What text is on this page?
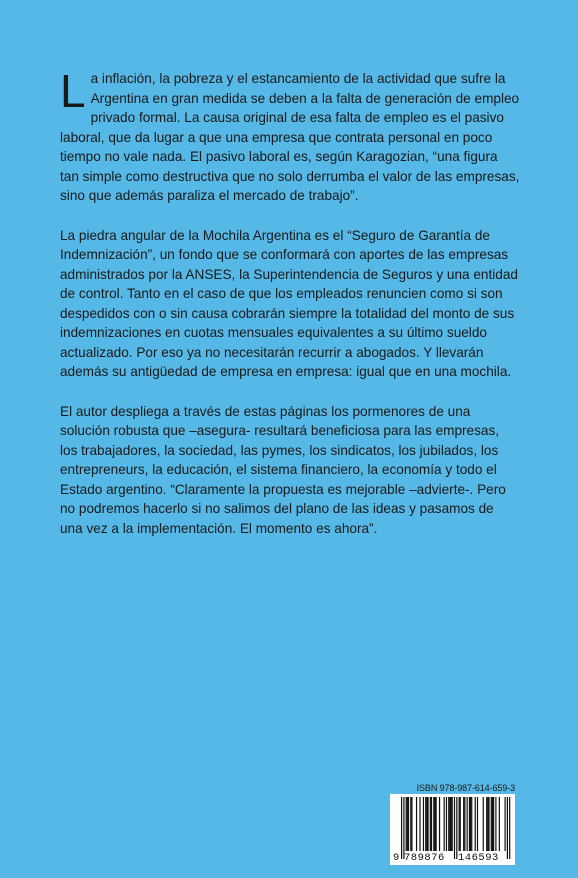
La inflación, la pobreza y el estancamiento de la actividad que sufre la Argentina en gran medida se deben a la falta de generación de empleo privado formal. La causa original de esa falta de empleo es el pasivo laboral, que da lugar a que una empresa que contrata personal en poco tiempo no vale nada. El pasivo laboral es, según Karagozian, “una figura tan simple como destructiva que no solo derrumba el valor de las empresas, sino que además paraliza el mercado de trabajo”.

La piedra angular de la Mochila Argentina es el “Seguro de Garantía de Indemnización”, un fondo que se conformará con aportes de las empresas administrados por la ANSES, la Superintendencia de Seguros y una entidad de control. Tanto en el caso de que los empleados renuncien como si son despedidos con o sin causa cobrarán siempre la totalidad del monto de sus indemnizaciones en cuotas mensuales equivalentes a su último sueldo actualizado. Por eso ya no necesitarán recurrir a abogados. Y llevarán además su antigüedad de empresa en empresa: igual que en una mochila.

El autor despliega a través de estas páginas los pormenores de una solución robusta que –asegura- resultará beneficiosa para las empresas, los trabajadores, la sociedad, las pymes, los sindicatos, los jubilados, los entrepreneurs, la educación, el sistema financiero, la economía y todo el Estado argentino. “Claramente la propuesta es mejorable –advierte-. Pero no podremos hacerlo si no salimos del plano de las ideas y pasamos de una vez a la implementación. El momento es ahora”.

ISBN 978-987-614-659-3
9 789876 146593
